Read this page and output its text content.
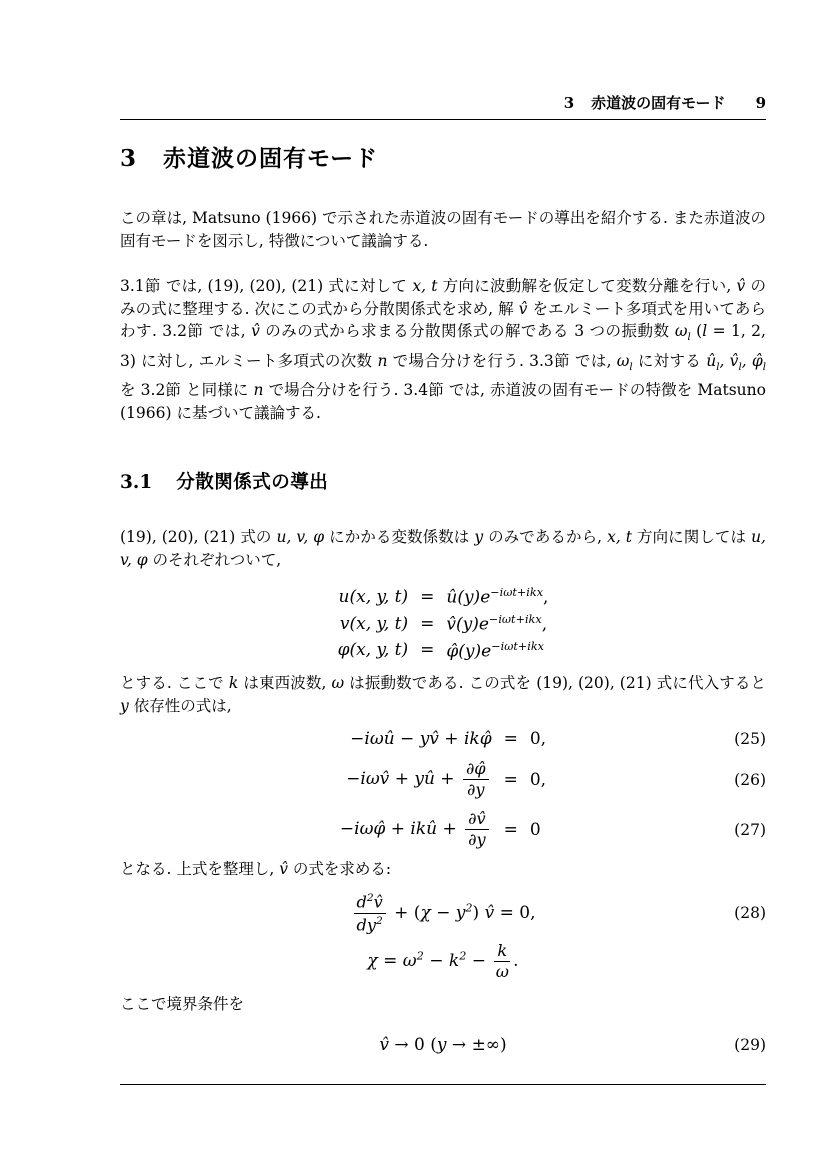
3 赤道波の固有モード 9
3 赤道波の固有モード

この章は, Matsuno (1966) で示された赤道波の固有モードの導出を紹介する. また赤道波の固有モードを図示し, 特徴について議論する.

3.1節 では, (19), (20), (21) 式に対して x, t 方向に波動解を仮定して変数分離を行い, v̂ のみの式に整理する. 次にこの式から分散関係式を求め, 解 v̂ をエルミート多項式を用いてあらわす. 3.2節 では, v̂ のみの式から求まる分散関係式の解である 3 つの振動数 $\omega_l$ (l = 1, 2, 3) に対し, エルミート多項式の次数 n で場合分けを行う. 3.3節 では, $\omega_l$ に対する $û_l$, $v̂_l$, $\varphî_l$ を 3.2節 と同様に n で場合分けを行う. 3.4節 では, 赤道波の固有モードの特徴を Matsuno (1966) に基づいて議論する.

3.1 分散関係式の導出

(19), (20), (21) 式の u, v, φ にかかる変数係数は y のみであるから, x, t 方向に関しては u, v, φ のそれぞれついて,

u(x, y, $t) = û(y)e^{-i\omega t+ikx}$,
v(x, y, $t) = v̂(y)e^{-i\omega t+ikx}$,
φ(x, y, $t) = \varphî(y)e^{-i\omega t+ikx}$

とする. ここで k は東西波数, ω は振動数である. この式を (19), (20), (21) 式に代入すると y 依存性の式は,

−iωû − yv̂ + ikφ̂ = 0,	(25)
−iωv̂ + yû + $\frac{\partial\varphî}{\partial y} = 0$,	(26)
−iωφ̂ + ikû + $\frac{\partial v̂}{\partial y} = 0$	(27)

となる. 上式を整理し, v̂ の式を求める:

$\frac{d^2v̂}{dy^2} + (\chi - y^2)$ v̂ = 0,	(28)
$\chi = \omega^2 - k^2 - \frac{k}{\omega}$ .

ここで境界条件を

v̂ → 0 (y → ±∞)	(29)
